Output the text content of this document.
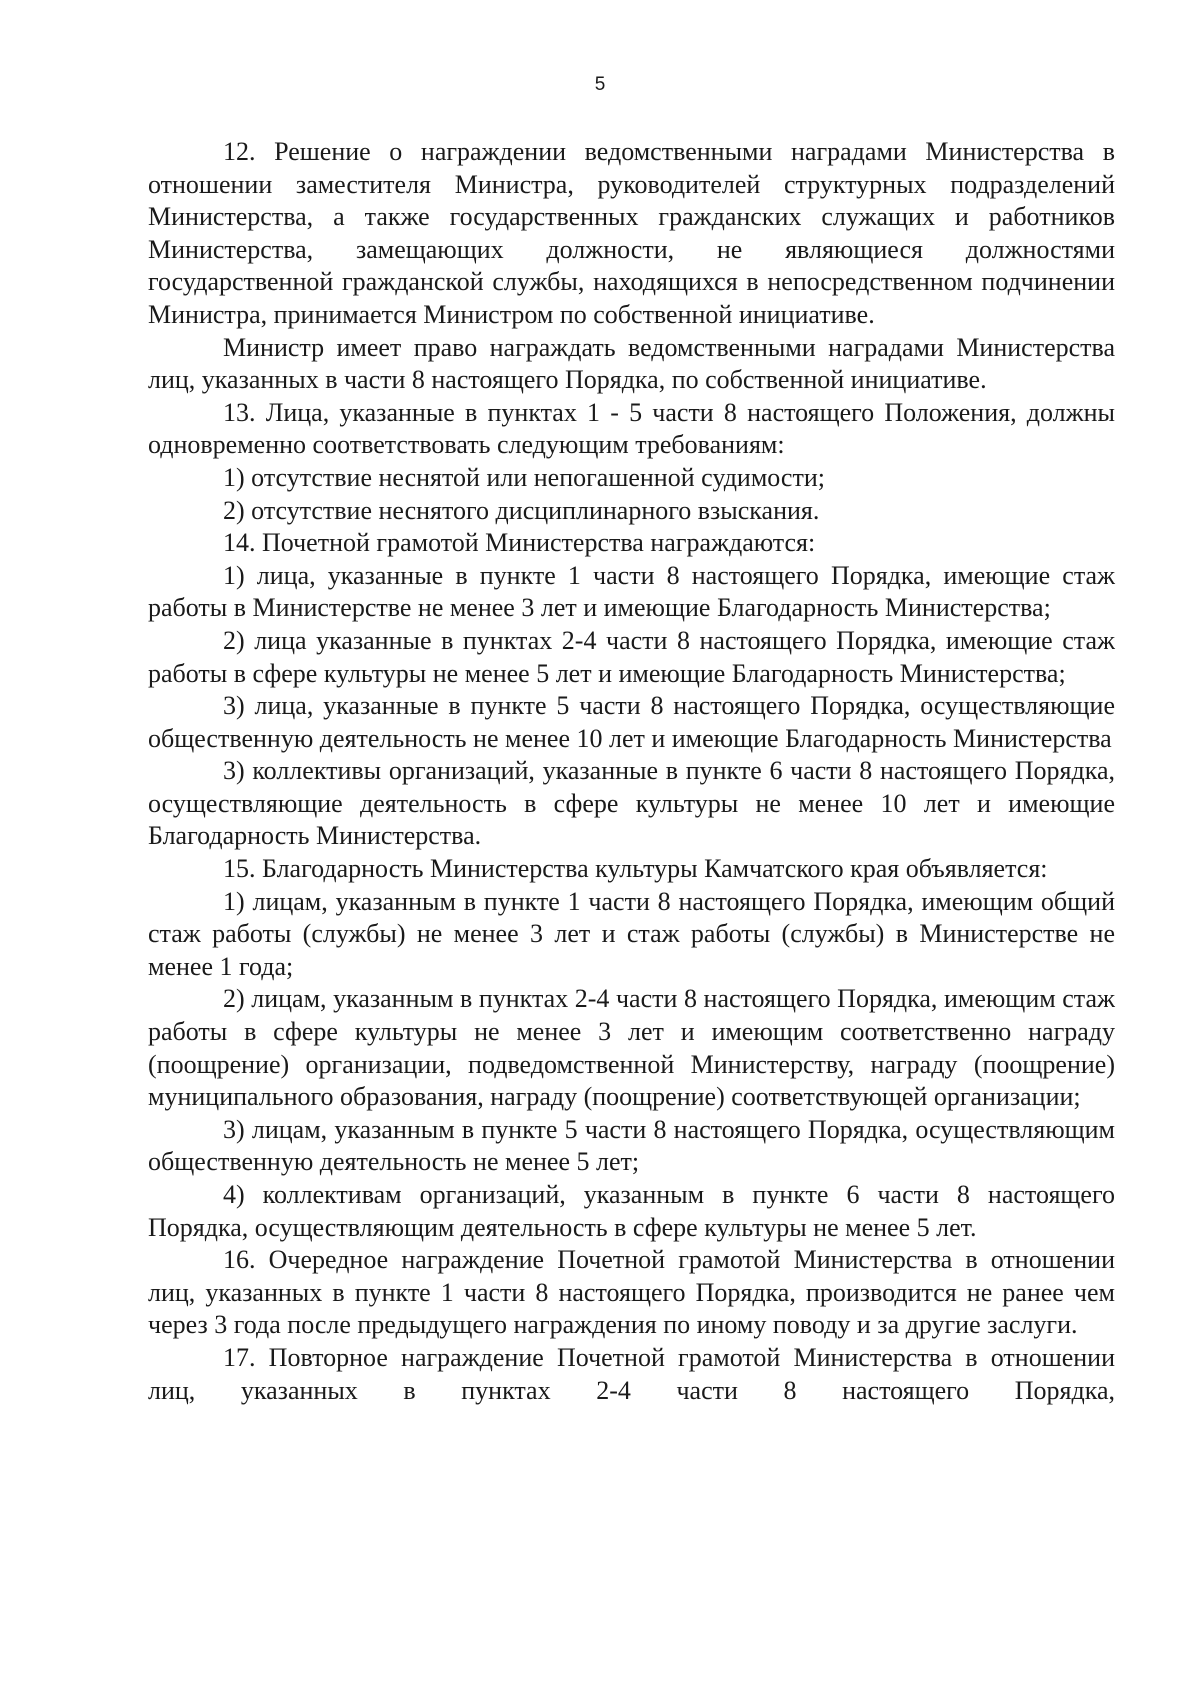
5

12. Решение о награждении ведомственными наградами Министерства в отношении заместителя Министра, руководителей структурных подразделений Министерства, а также государственных гражданских служащих и работников Министерства, замещающих должности, не являющиеся должностями государственной гражданской службы, находящихся в непосредственном подчинении Министра, принимается Министром по собственной инициативе.

Министр имеет право награждать ведомственными наградами Министерства лиц, указанных в части 8 настоящего Порядка, по собственной инициативе.

13. Лица, указанные в пунктах 1 - 5 части 8 настоящего Положения, должны одновременно соответствовать следующим требованиям:

1) отсутствие неснятой или непогашенной судимости;

2) отсутствие неснятого дисциплинарного взыскания.

14. Почетной грамотой Министерства награждаются:

1) лица, указанные в пункте 1 части 8 настоящего Порядка, имеющие стаж работы в Министерстве не менее 3 лет и имеющие Благодарность Министерства;

2) лица указанные в пунктах 2-4 части 8 настоящего Порядка, имеющие стаж работы в сфере культуры не менее 5 лет и имеющие Благодарность Министерства;

3) лица, указанные в пункте 5 части 8 настоящего Порядка, осуществляющие общественную деятельность не менее 10 лет и имеющие Благодарность Министерства

3) коллективы организаций, указанные в пункте 6 части 8 настоящего Порядка, осуществляющие деятельность в сфере культуры не менее 10 лет и имеющие Благодарность Министерства.

15. Благодарность Министерства культуры Камчатского края объявляется:

1) лицам, указанным в пункте 1 части 8 настоящего Порядка, имеющим общий стаж работы (службы) не менее 3 лет и стаж работы (службы) в Министерстве не менее 1 года;

2) лицам, указанным в пунктах 2-4 части 8 настоящего Порядка, имеющим стаж работы в сфере культуры не менее 3 лет и имеющим соответственно награду (поощрение) организации, подведомственной Министерству, награду (поощрение) муниципального образования, награду (поощрение) соответствующей организации;

3) лицам, указанным в пункте 5 части 8 настоящего Порядка, осуществляющим общественную деятельность не менее 5 лет;

4) коллективам организаций, указанным в пункте 6 части 8 настоящего Порядка, осуществляющим деятельность в сфере культуры не менее 5 лет.

16. Очередное награждение Почетной грамотой Министерства в отношении лиц, указанных в пункте 1 части 8 настоящего Порядка, производится не ранее чем через 3 года после предыдущего награждения по иному поводу и за другие заслуги.

17. Повторное награждение Почетной грамотой Министерства в отношении лиц, указанных в пунктах 2-4 части 8 настоящего Порядка,
